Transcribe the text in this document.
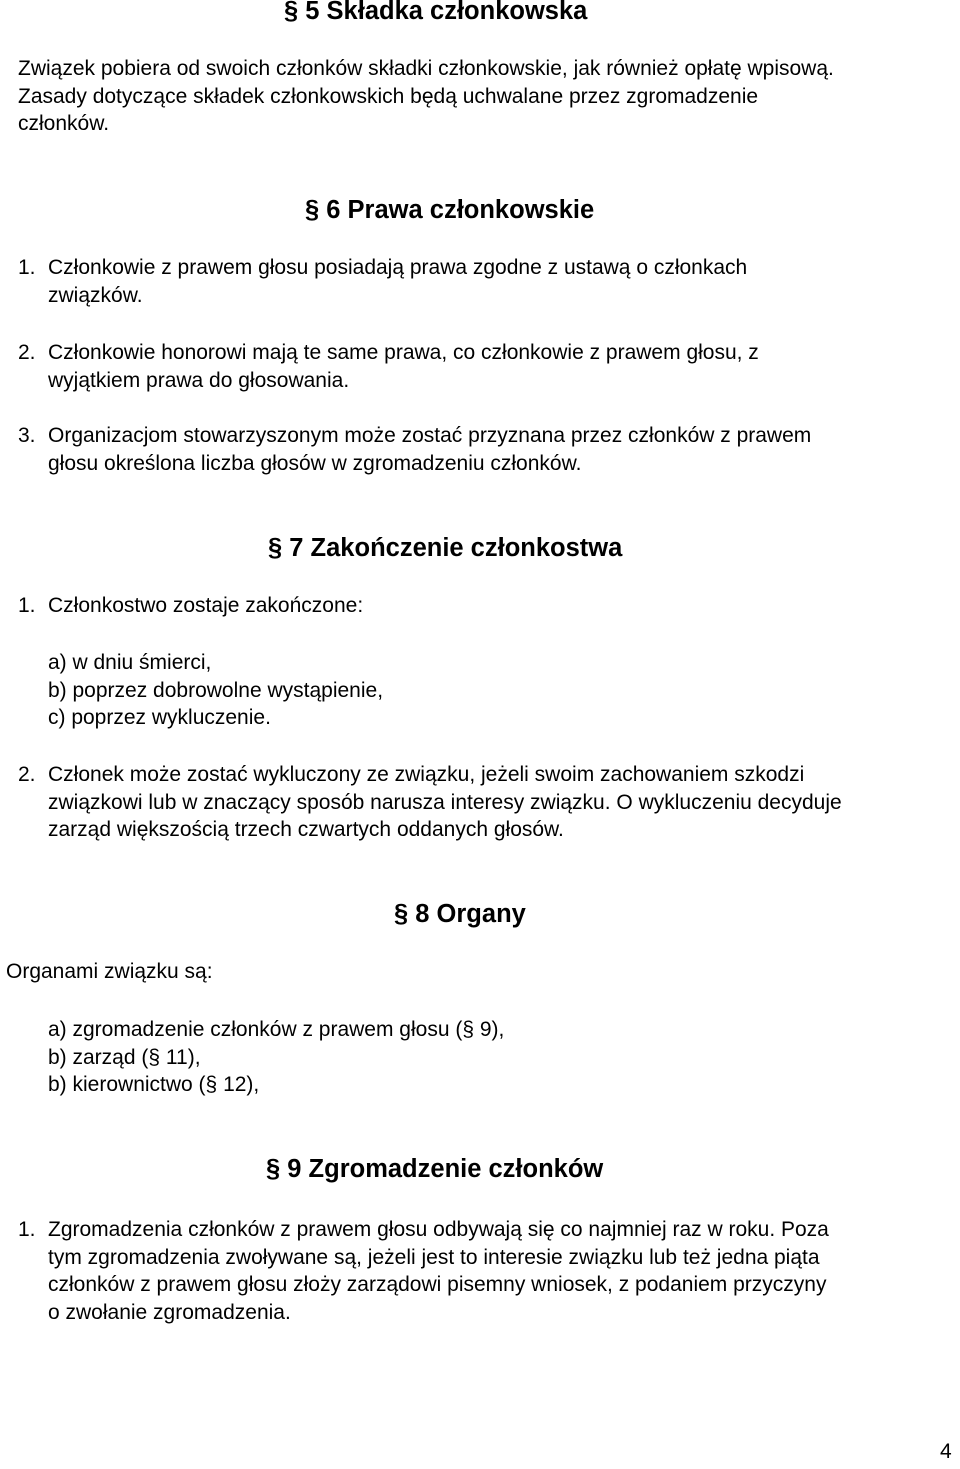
§ 5 Składka członkowska
Związek pobiera od swoich członków składki członkowskie, jak również opłatę wpisową.
Zasady dotyczące składek członkowskich będą uchwalane przez zgromadzenie
członków.
§ 6 Prawa członkowskie
1. Członkowie z prawem głosu posiadają prawa zgodne z ustawą o członkach
związków.
2. Członkowie honorowi mają te same prawa, co członkowie z prawem głosu, z
wyjątkiem prawa do głosowania.
3. Organizacjom stowarzyszonym może zostać przyznana przez członków z prawem
głosu określona liczba głosów w zgromadzeniu członków.
§ 7 Zakończenie członkostwa
1. Członkostwo zostaje zakończone:
a) w dniu śmierci,
b) poprzez dobrowolne wystąpienie,
c) poprzez wykluczenie.
2. Członek może zostać wykluczony ze związku, jeżeli swoim zachowaniem szkodzi
związkowi lub w znaczący sposób narusza interesy związku. O wykluczeniu decyduje
zarząd większością trzech czwartych oddanych głosów.
§ 8 Organy
Organami związku są:
a) zgromadzenie członków z prawem głosu (§ 9),
b) zarząd (§ 11),
b) kierownictwo (§ 12),
§ 9 Zgromadzenie członków
1. Zgromadzenia członków z prawem głosu odbywają się co najmniej raz w roku. Poza
tym zgromadzenia zwoływane są, jeżeli jest to interesie związku lub też jedna piąta
członków z prawem głosu złoży zarządowi pisemny wniosek, z podaniem przyczyny
o zwołanie zgromadzenia.
4
